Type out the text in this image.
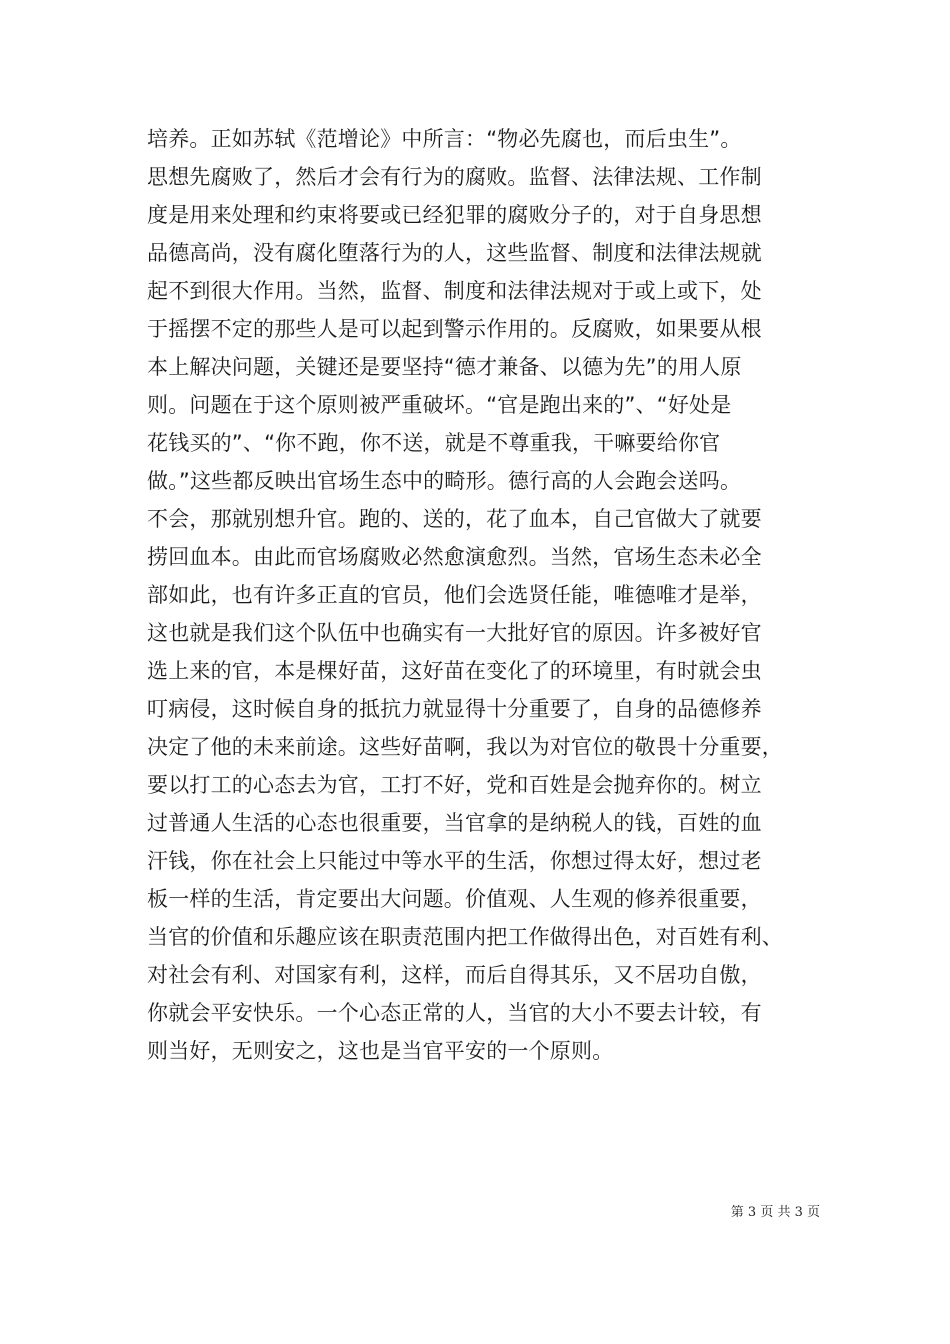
培养。正如苏轼《范增论》中所言：“物必先腐也，而后虫生”。
思想先腐败了，然后才会有行为的腐败。监督、法律法规、工作制
度是用来处理和约束将要或已经犯罪的腐败分子的，对于自身思想
品德高尚，没有腐化堕落行为的人，这些监督、制度和法律法规就
起不到很大作用。当然，监督、制度和法律法规对于或上或下，处
于摇摆不定的那些人是可以起到警示作用的。反腐败，如果要从根
本上解决问题，关键还是要坚持“德才兼备、以德为先”的用人原
则。问题在于这个原则被严重破坏。“官是跑出来的”、“好处是
花钱买的”、“你不跑，你不送，就是不尊重我，干嘛要给你官
做。”这些都反映出官场生态中的畸形。德行高的人会跑会送吗。
不会，那就别想升官。跑的、送的，花了血本，自己官做大了就要
捞回血本。由此而官场腐败必然愈演愈烈。当然，官场生态未必全
部如此，也有许多正直的官员，他们会选贤任能，唯德唯才是举，
这也就是我们这个队伍中也确实有一大批好官的原因。许多被好官
选上来的官，本是棵好苗，这好苗在变化了的环境里，有时就会虫
叮病侵，这时候自身的抵抗力就显得十分重要了，自身的品德修养
决定了他的未来前途。这些好苗啊，我以为对官位的敬畏十分重要，
要以打工的心态去为官，工打不好，党和百姓是会抛弃你的。树立
过普通人生活的心态也很重要，当官拿的是纳税人的钱，百姓的血
汗钱，你在社会上只能过中等水平的生活，你想过得太好，想过老
板一样的生活，肯定要出大问题。价值观、人生观的修养很重要，
当官的价值和乐趣应该在职责范围内把工作做得出色，对百姓有利、
对社会有利、对国家有利，这样，而后自得其乐，又不居功自傲，
你就会平安快乐。一个心态正常的人，当官的大小不要去计较，有
则当好，无则安之，这也是当官平安的一个原则。
第 3 页 共 3 页
